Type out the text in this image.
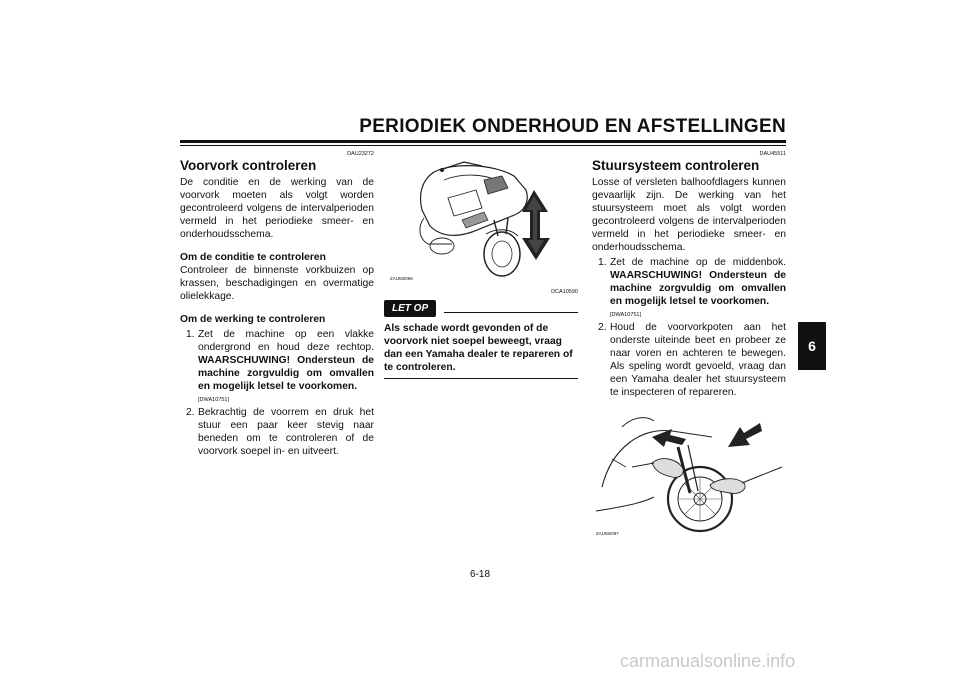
PERIODIEK ONDERHOUD EN AFSTELLINGEN
6
DAU23272
Voorvork controleren

De conditie en de werking van de voorvork moeten als volgt worden gecontroleerd volgens de intervalperioden vermeld in het periodieke smeer- en onderhoudsschema.

Om de conditie te controleren

Controleer de binnenste vorkbuizen op krassen, beschadigingen en overmatige olielekkage.

Om de werking te controleren
1. Zet de machine op een vlakke ondergrond en houd deze rechtop. WAARSCHUWING! Ondersteun de machine zorgvuldig om omvallen en mogelijk letsel te voorkomen.
[DWA10751]
2. Bekrachtig de voorrem en druk het stuur een paar keer stevig naar beneden om te controleren of de voorvork soepel in- en uitveert.
ZAUM2096
DCA10590
LET OP
Als schade wordt gevonden of de voorvork niet soepel beweegt, vraag dan een Yamaha dealer te repareren of te controleren.
DAU45511
Stuursysteem controleren

Losse of versleten balhoofdlagers kunnen gevaarlijk zijn. De werking van het stuursysteem moet als volgt worden gecontroleerd volgens de intervalperioden vermeld in het periodieke smeer- en onderhoudsschema.

1. Zet de machine op de middenbok. WAARSCHUWING! Ondersteun de machine zorgvuldig om omvallen en mogelijk letsel te voorkomen.
[DWA10751]
2. Houd de voorvorkpoten aan het onderste uiteinde beet en probeer ze naar voren en achteren te bewegen. Als speling wordt gevoeld, vraag dan een Yamaha dealer het stuursysteem te inspecteren of repareren.
ZAUM2097
6-18
carmanualsonline.info
